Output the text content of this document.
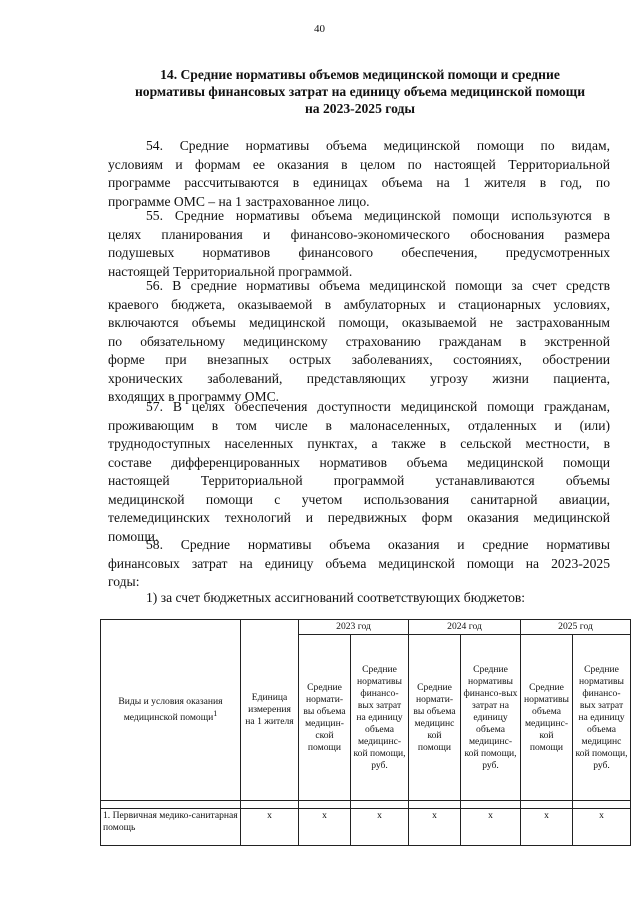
40
14. Средние нормативы объемов медицинской помощи и средние
нормативы финансовых затрат на единицу объема медицинской помощи
на 2023-2025 годы
54. Средние нормативы объема медицинской помощи по видам,
условиям и формам ее оказания в целом по настоящей Территориальной
программе рассчитываются в единицах объема на 1 жителя в год, по
программе ОМС – на 1 застрахованное лицо.
55. Средние нормативы объема медицинской помощи используются в
целях планирования и финансово-экономического обоснования размера
подушевых нормативов финансового обеспечения, предусмотренных
настоящей Территориальной программой.
56. В средние нормативы объема медицинской помощи за счет средств
краевого бюджета, оказываемой в амбулаторных и стационарных условиях,
включаются объемы медицинской помощи, оказываемой не застрахованным
по обязательному медицинскому страхованию гражданам в экстренной
форме при внезапных острых заболеваниях, состояниях, обострении
хронических заболеваний, представляющих угрозу жизни пациента,
входящих в программу ОМС.
57. В целях обеспечения доступности медицинской помощи гражданам,
проживающим в том числе в малонаселенных, отдаленных и (или)
труднодоступных населенных пунктах, а также в сельской местности, в
составе дифференцированных нормативов объема медицинской помощи
настоящей Территориальной программой устанавливаются объемы
медицинской помощи с учетом использования санитарной авиации,
телемедицинских технологий и передвижных форм оказания медицинской
помощи.
58. Средние нормативы объема оказания и средние нормативы
финансовых затрат на единицу объема медицинской помощи на 2023-2025
годы:
1) за счет бюджетных ассигнований соответствующих бюджетов:
Виды и условия оказания медицинской помощи$^1$	Единица измерения на 1 жителя	2023 год		2024 год		2025 год	
		Средние нормати-вы объема медицин-ской помощи	Средние нормативы финансо-вых затрат на единицу объема медицинс-кой помощи, руб.	Средние нормати-вы объема медицинс кой помощи	Средние нормативы финансо-вых затрат на единицу объема медицинс-кой помощи, руб.	Средние нормативы объема медицинс-кой помощи	Средние нормативы финансо-вых затрат на единицу объема медицинс кой помощи, руб.

1. Первичная медико-санитарная помощь	x	x	x	x	x	x	x
